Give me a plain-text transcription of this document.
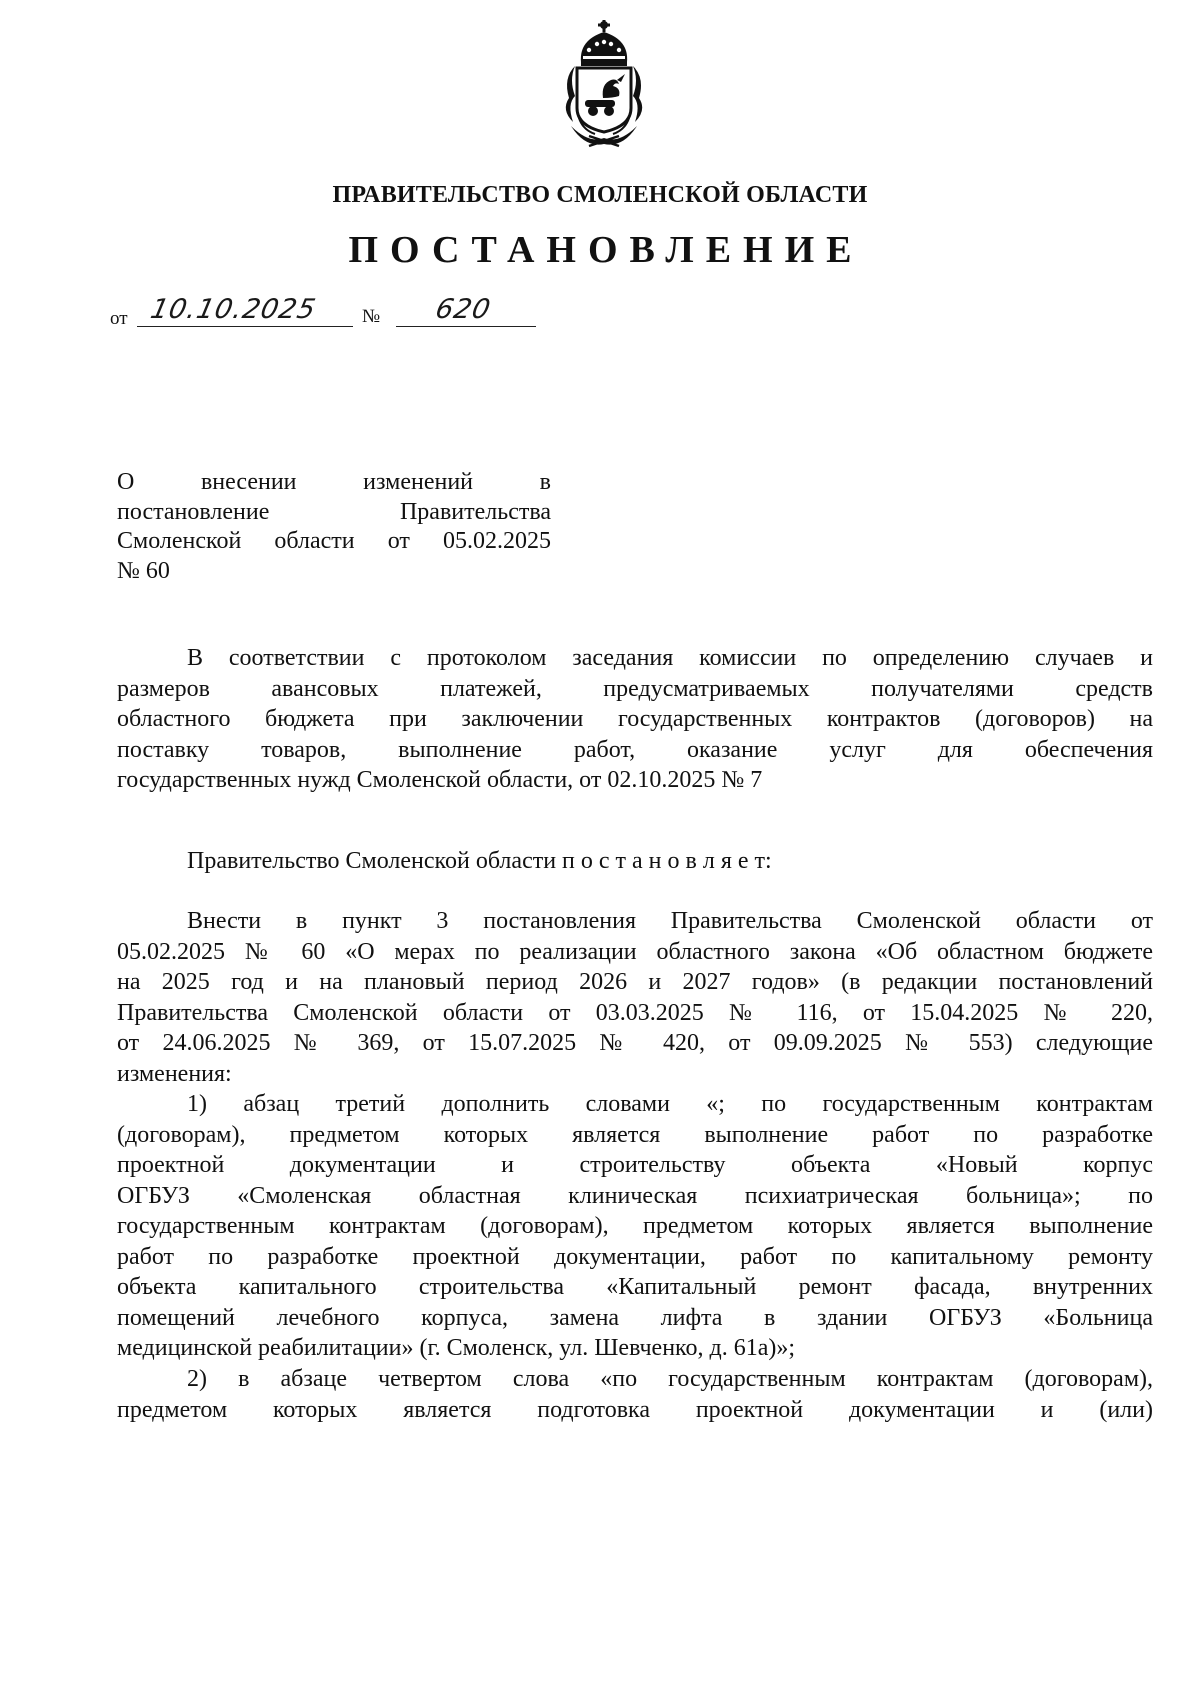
ПРАВИТЕЛЬСТВО СМОЛЕНСКОЙ ОБЛАСТИ
ПОСТАНОВЛЕНИЕ
от 10.10.2025 № 620
О внесении изменений в
постановление Правительства
Смоленской области от 05.02.2025
№ 60
В соответствии с протоколом заседания комиссии по определению случаев и
размеров авансовых платежей, предусматриваемых получателями средств
областного бюджета при заключении государственных контрактов (договоров) на
поставку товаров, выполнение работ, оказание услуг для обеспечения
государственных нужд Смоленской области, от 02.10.2025 № 7
Правительство Смоленской области п о с т а н о в л я е т:
Внести в пункт 3 постановления Правительства Смоленской области от
05.02.2025 № 60 «О мерах по реализации областного закона «Об областном бюджете
на 2025 год и на плановый период 2026 и 2027 годов» (в редакции постановлений
Правительства Смоленской области от 03.03.2025 № 116, от 15.04.2025 № 220,
от 24.06.2025 № 369, от 15.07.2025 № 420, от 09.09.2025 № 553) следующие
изменения:
1) абзац третий дополнить словами «; по государственным контрактам
(договорам), предметом которых является выполнение работ по разработке
проектной документации и строительству объекта «Новый корпус
ОГБУЗ «Смоленская областная клиническая психиатрическая больница»; по
государственным контрактам (договорам), предметом которых является выполнение
работ по разработке проектной документации, работ по капитальному ремонту
объекта капитального строительства «Капитальный ремонт фасада, внутренних
помещений лечебного корпуса, замена лифта в здании ОГБУЗ «Больница
медицинской реабилитации» (г. Смоленск, ул. Шевченко, д. 61а)»;
2) в абзаце четвертом слова «по государственным контрактам (договорам),
предметом которых является подготовка проектной документации и (или)
